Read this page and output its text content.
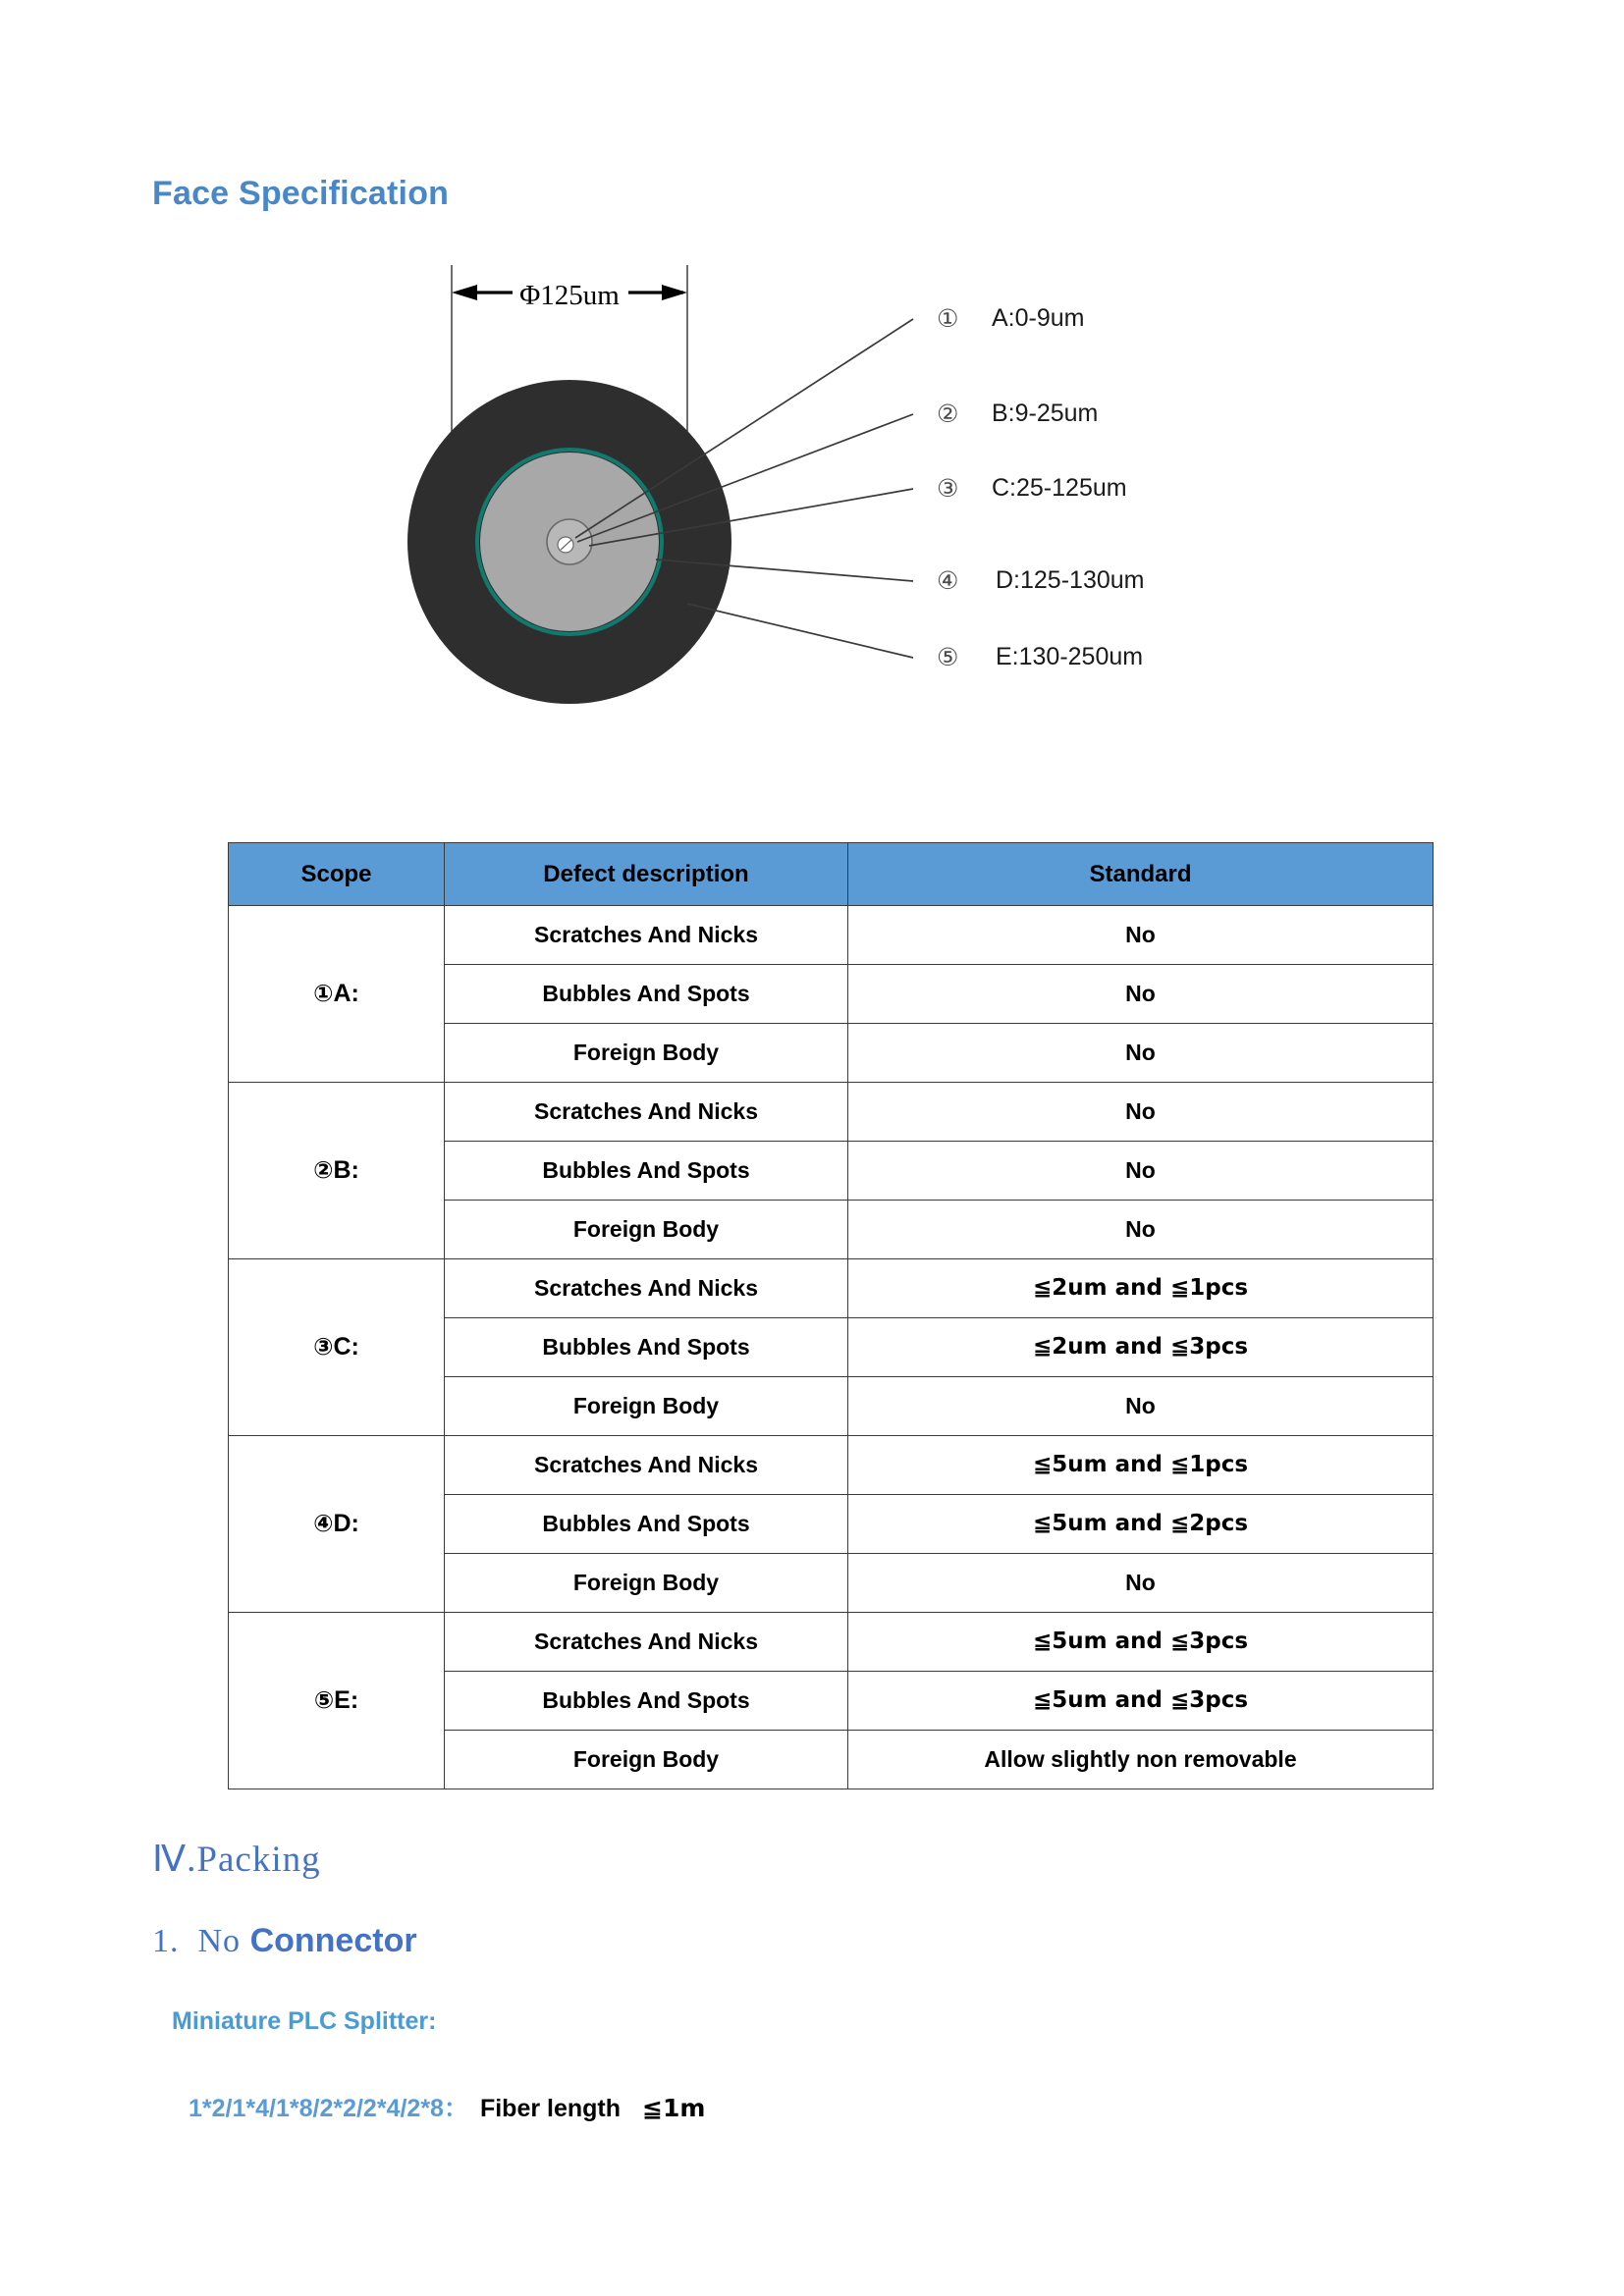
Face Specification
Φ125um
① A:0-9um
② B:9-25um
③ C:25-125um
④ D:125-130um
⑤ E:130-250um
Scope	Defect description	Standard
①A:	Scratches And Nicks	No
	Bubbles And Spots	No
	Foreign Body	No
②B:	Scratches And Nicks	No
	Bubbles And Spots	No
	Foreign Body	No
③C:	Scratches And Nicks	≦2um and ≦1pcs
	Bubbles And Spots	≦2um and ≦3pcs
	Foreign Body	No
④D:	Scratches And Nicks	≦5um and ≦1pcs
	Bubbles And Spots	≦5um and ≦2pcs
	Foreign Body	No
⑤E:	Scratches And Nicks	≦5um and ≦3pcs
	Bubbles And Spots	≦5um and ≦3pcs
	Foreign Body	Allow slightly non removable
Ⅳ.Packing
1. No Connector
Miniature PLC Splitter:
1*2/1*4/1*8/2*2/2*4/2*8： Fiber length ≦1m
